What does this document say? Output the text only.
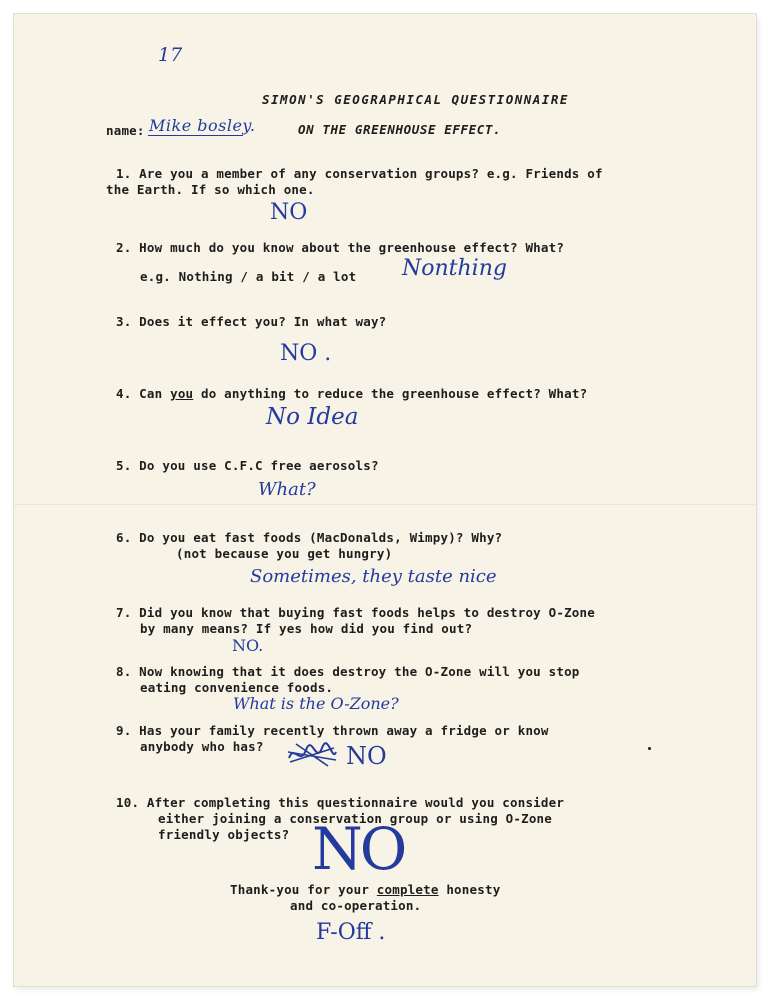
17
SIMON'S GEOGRAPHICAL QUESTIONNAIRE
name: Mike bosley.	ON THE GREENHOUSE EFFECT.
1. Are you a member of any conservation groups? e.g. Friends of
the Earth. If so which one.
NO
2. How much do you know about the greenhouse effect? What?
e.g. Nothing / a bit / a lot Nonthing
3. Does it effect you? In what way?
NO .
4. Can you do anything to reduce the greenhouse effect? What?
No Idea
5. Do you use C.F.C free aerosols?
What?
6. Do you eat fast foods (MacDonalds, Wimpy)? Why?
(not because you get hungry)
Sometimes, they taste nice
7. Did you know that buying fast foods helps to destroy O-Zone
by many means? If yes how did you find out?
NO.
8. Now knowing that it does destroy the O-Zone will you stop
eating convenience foods.
What is the O-Zone?
9. Has your family recently thrown away a fridge or know
anybody who has?	NO
10. After completing this questionnaire would you consider
either joining a conservation group or using O-Zone
friendly objects? NO
Thank-you for your complete honesty
and co-operation.
F-Off .
